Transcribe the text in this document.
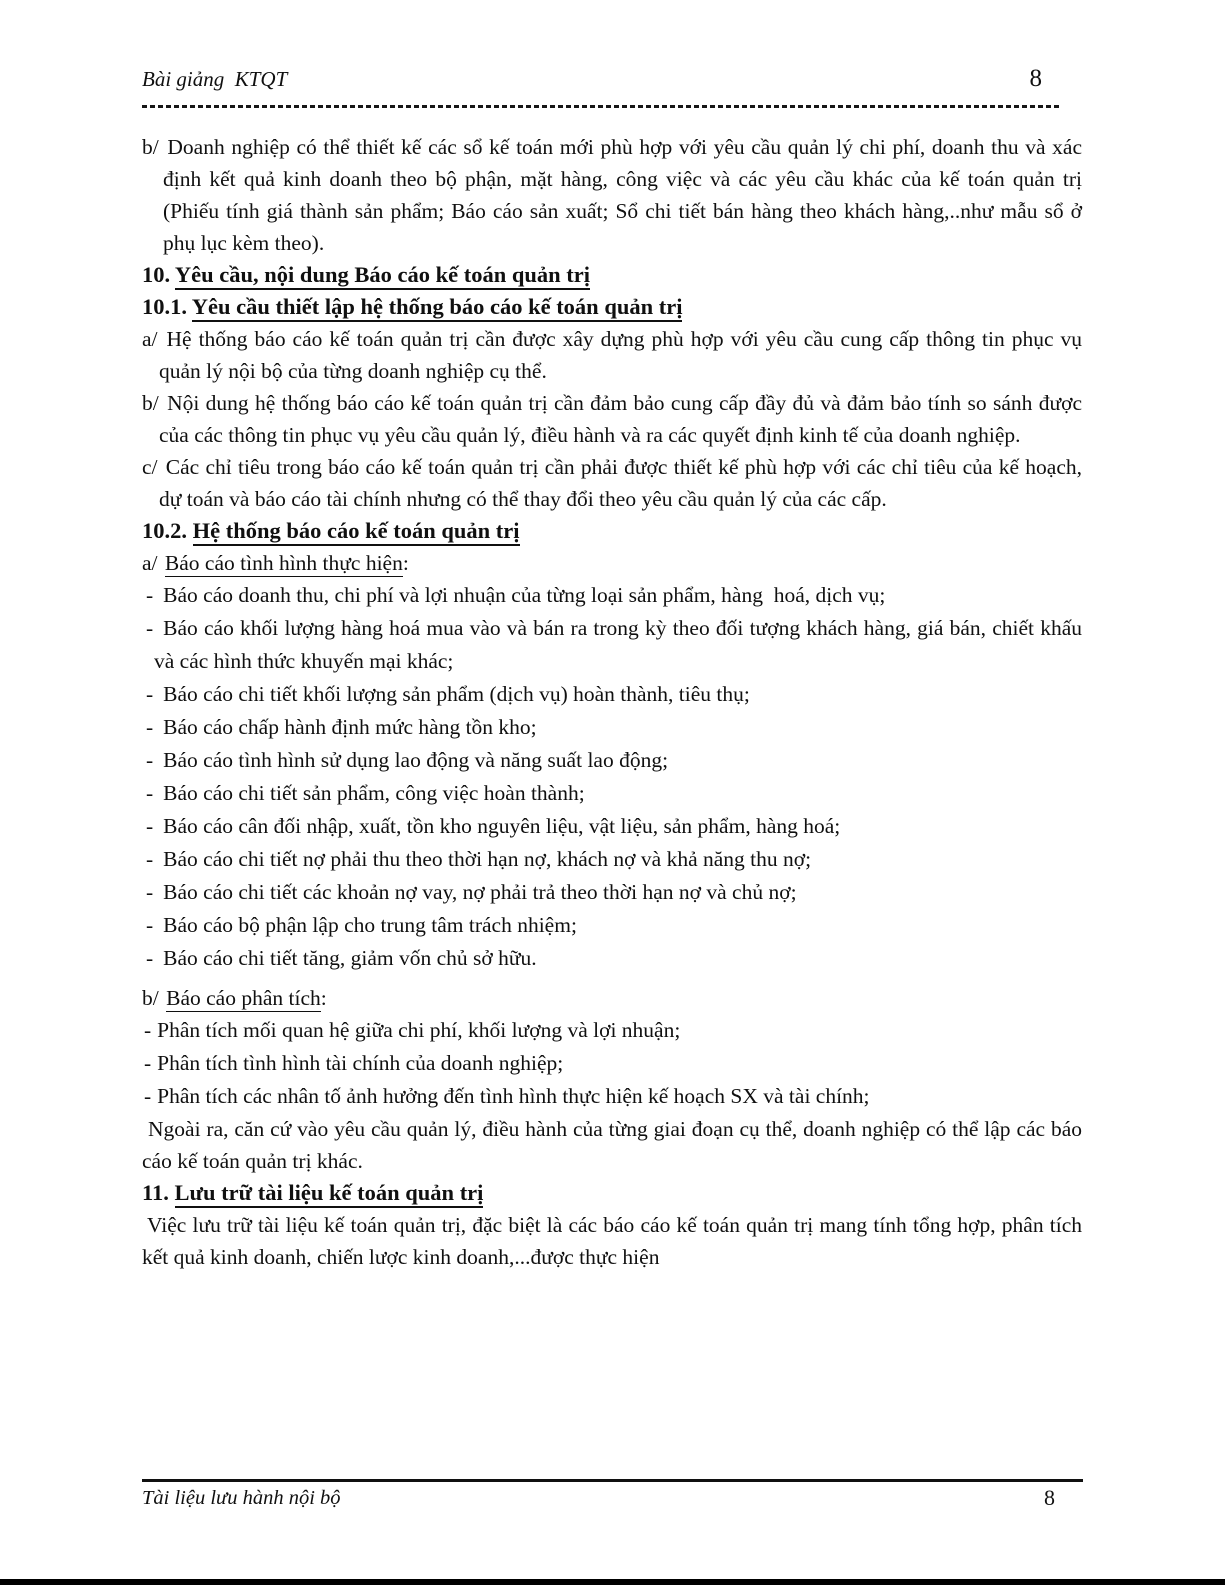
Bài giảng  KTQT	8

b/ Doanh nghiệp có thể thiết kế các sổ kế toán mới phù hợp với yêu cầu quản lý chi phí, doanh thu và xác định kết quả kinh doanh theo bộ phận, mặt hàng, công việc và các yêu cầu khác của kế toán quản trị (Phiếu tính giá thành sản phẩm; Báo cáo sản xuất; Sổ chi tiết bán hàng theo khách hàng,..như mẫu sổ ở phụ lục kèm theo).

10. Yêu cầu, nội dung Báo cáo kế toán quản trị

10.1. Yêu cầu thiết lập hệ thống báo cáo kế toán quản trị

a/ Hệ thống báo cáo kế toán quản trị cần được xây dựng phù hợp với yêu cầu cung cấp thông tin phục vụ quản lý nội bộ của từng doanh nghiệp cụ thể.

b/ Nội dung hệ thống báo cáo kế toán quản trị cần đảm bảo cung cấp đầy đủ và đảm bảo tính so sánh được của các thông tin phục vụ yêu cầu quản lý, điều hành và ra các quyết định kinh tế của doanh nghiệp.

c/ Các chỉ tiêu trong báo cáo kế toán quản trị cần phải được thiết kế phù hợp với các chỉ tiêu của kế hoạch, dự toán và báo cáo tài chính nhưng có thể thay đổi theo yêu cầu quản lý của các cấp.

10.2. Hệ thống báo cáo kế toán quản trị

a/ Báo cáo tình hình thực hiện:

- Báo cáo doanh thu, chi phí và lợi nhuận của từng loại sản phẩm, hàng  hoá, dịch vụ;

- Báo cáo khối lượng hàng hoá mua vào và bán ra trong kỳ theo đối tượng khách hàng, giá bán, chiết khấu và các hình thức khuyến mại khác;

- Báo cáo chi tiết khối lượng sản phẩm (dịch vụ) hoàn thành, tiêu thụ;

- Báo cáo chấp hành định mức hàng tồn kho;

- Báo cáo tình hình sử dụng lao động và năng suất lao động;

- Báo cáo chi tiết sản phẩm, công việc hoàn thành;

- Báo cáo cân đối nhập, xuất, tồn kho nguyên liệu, vật liệu, sản phẩm, hàng hoá;

- Báo cáo chi tiết nợ phải thu theo thời hạn nợ, khách nợ và khả năng thu nợ;

- Báo cáo chi tiết các khoản nợ vay, nợ phải trả theo thời hạn nợ và chủ nợ;

- Báo cáo bộ phận lập cho trung tâm trách nhiệm;

- Báo cáo chi tiết tăng, giảm vốn chủ sở hữu.

b/ Báo cáo phân tích:

- Phân tích mối quan hệ giữa chi phí, khối lượng và lợi nhuận;

- Phân tích tình hình tài chính của doanh nghiệp;

- Phân tích các nhân tố ảnh hưởng đến tình hình thực hiện kế hoạch SX và tài chính;

Ngoài ra, căn cứ vào yêu cầu quản lý, điều hành của từng giai đoạn cụ thể, doanh nghiệp có thể lập các báo cáo kế toán quản trị khác.

11. Lưu trữ tài liệu kế toán quản trị

Việc lưu trữ tài liệu kế toán quản trị, đặc biệt là các báo cáo kế toán quản trị mang tính tổng hợp, phân tích kết quả kinh doanh, chiến lược kinh doanh,...được thực hiện

Tài liệu lưu hành nội bộ	8
